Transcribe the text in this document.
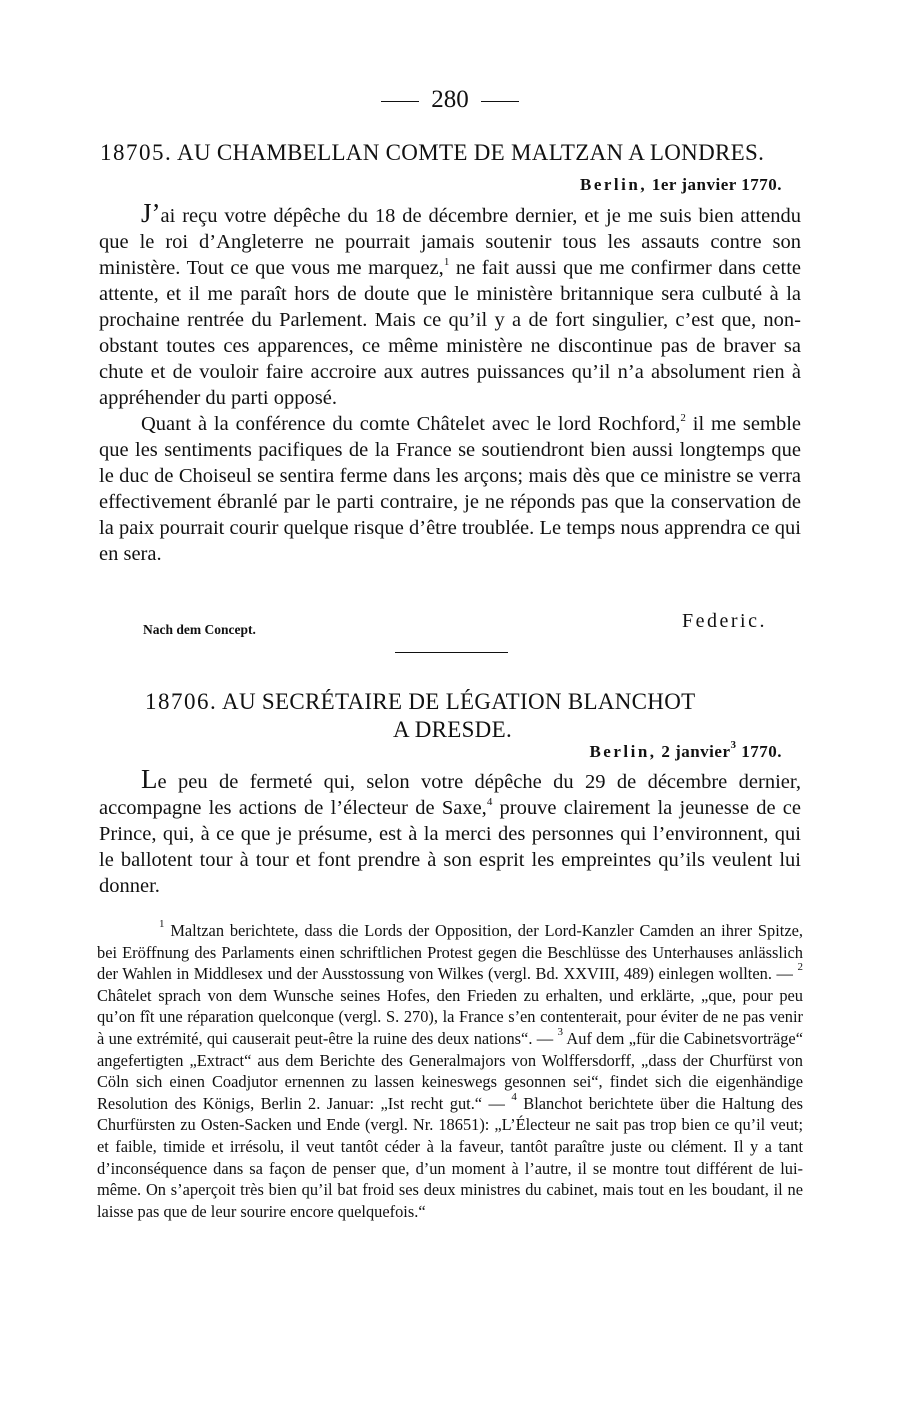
280
18705. AU CHAMBELLAN COMTE DE MALTZAN A LONDRES.
Berlin, 1er janvier 1770.

J’ai reçu votre dépêche du 18 de décembre dernier, et je me suis bien attendu que le roi d’Angleterre ne pourrait jamais soutenir tous les assauts contre son ministère. Tout ce que vous me marquez,$^1$ ne fait aussi que me confirmer dans cette attente, et il me paraît hors de doute que le ministère britannique sera culbuté à la prochaine rentrée du Parlement. Mais ce qu’il y a de fort singulier, c’est que, non-obstant toutes ces apparences, ce même ministère ne discontinue pas de braver sa chute et de vouloir faire accroire aux autres puissances qu’il n’a absolument rien à appréhender du parti opposé.

Quant à la conférence du comte Châtelet avec le lord Rochford,$^2$ il me semble que les sentiments pacifiques de la France se soutiendront bien aussi longtemps que le duc de Choiseul se sentira ferme dans les arçons; mais dès que ce ministre se verra effectivement ébranlé par le parti contraire, je ne réponds pas que la conservation de la paix pourrait courir quelque risque d’être troublée. Le temps nous apprendra ce qui en sera.

Nach dem Concept.	Federic.
18706. AU SECRÉTAIRE DE LÉGATION BLANCHOT
A DRESDE.
Berlin, 2 janvier$^3$ 1770.

Le peu de fermeté qui, selon votre dépêche du 29 de décembre dernier, accompagne les actions de l’électeur de Saxe,$^4$ prouve clairement la jeunesse de ce Prince, qui, à ce que je présume, est à la merci des personnes qui l’environnent, qui le ballotent tour à tour et font prendre à son esprit les empreintes qu’ils veulent lui donner.

$^1$ Maltzan berichtete, dass die Lords der Opposition, der Lord-Kanzler Camden an ihrer Spitze, bei Eröffnung des Parlaments einen schriftlichen Protest gegen die Beschlüsse des Unterhauses anlässlich der Wahlen in Middlesex und der Ausstossung von Wilkes (vergl. Bd. XXVIII, 489) einlegen wollten. — $^2$ Châtelet sprach von dem Wunsche seines Hofes, den Frieden zu erhalten, und erklärte, „que, pour peu qu’on fît une réparation quelconque (vergl. S. 270), la France s’en contenterait, pour éviter de ne pas venir à une extrémité, qui causerait peut-être la ruine des deux nations“. — $^3$ Auf dem „für die Cabinetsvorträge“ angefertigten „Extract“ aus dem Berichte des Generalmajors von Wolffersdorff, „dass der Churfürst von Cöln sich einen Coadjutor ernennen zu lassen keineswegs gesonnen sei“, findet sich die eigenhändige Resolution des Königs, Berlin 2. Januar: „Ist recht gut.“ — $^4$ Blanchot berichtete über die Haltung des Churfürsten zu Osten-Sacken und Ende (vergl. Nr. 18651): „L’Électeur ne sait pas trop bien ce qu’il veut; et faible, timide et irrésolu, il veut tantôt céder à la faveur, tantôt paraître juste ou clément. Il y a tant d’inconséquence dans sa façon de penser que, d’un moment à l’autre, il se montre tout différent de lui-même. On s’aperçoit très bien qu’il bat froid ses deux ministres du cabinet, mais tout en les boudant, il ne laisse pas que de leur sourire encore quelquefois.“
